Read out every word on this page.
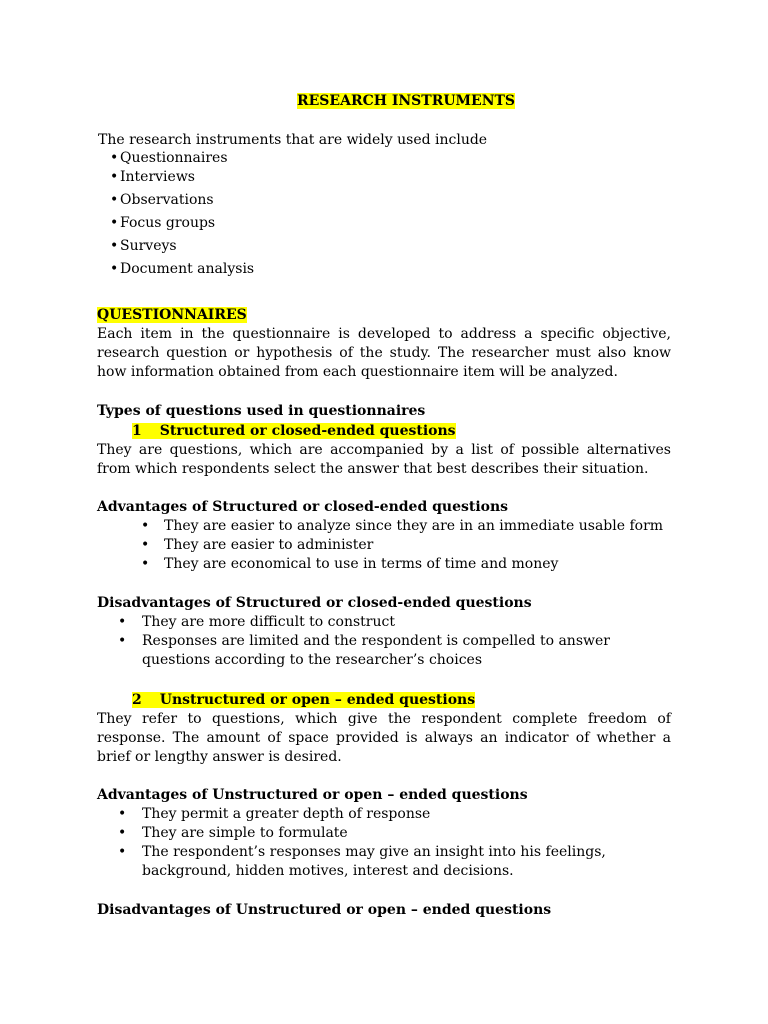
RESEARCH INSTRUMENTS
The research instruments that are widely used include
• Questionnaires
• Interviews
• Observations
• Focus groups
• Surveys
• Document analysis
QUESTIONNAIRES
Each item in the questionnaire is developed to address a specific objective,
research question or hypothesis of the study. The researcher must also know
how information obtained from each questionnaire item will be analyzed.
Types of questions used in questionnaires
1 Structured or closed-ended questions
They are questions, which are accompanied by a list of possible alternatives
from which respondents select the answer that best describes their situation.
Advantages of Structured or closed-ended questions
• They are easier to analyze since they are in an immediate usable form
• They are easier to administer
• They are economical to use in terms of time and money
Disadvantages of Structured or closed-ended questions
• They are more difficult to construct
• Responses are limited and the respondent is compelled to answer
questions according to the researcher’s choices
2 Unstructured or open – ended questions
They refer to questions, which give the respondent complete freedom of
response. The amount of space provided is always an indicator of whether a
brief or lengthy answer is desired.
Advantages of Unstructured or open – ended questions
• They permit a greater depth of response
• They are simple to formulate
• The respondent’s responses may give an insight into his feelings,
background, hidden motives, interest and decisions.
Disadvantages of Unstructured or open – ended questions
